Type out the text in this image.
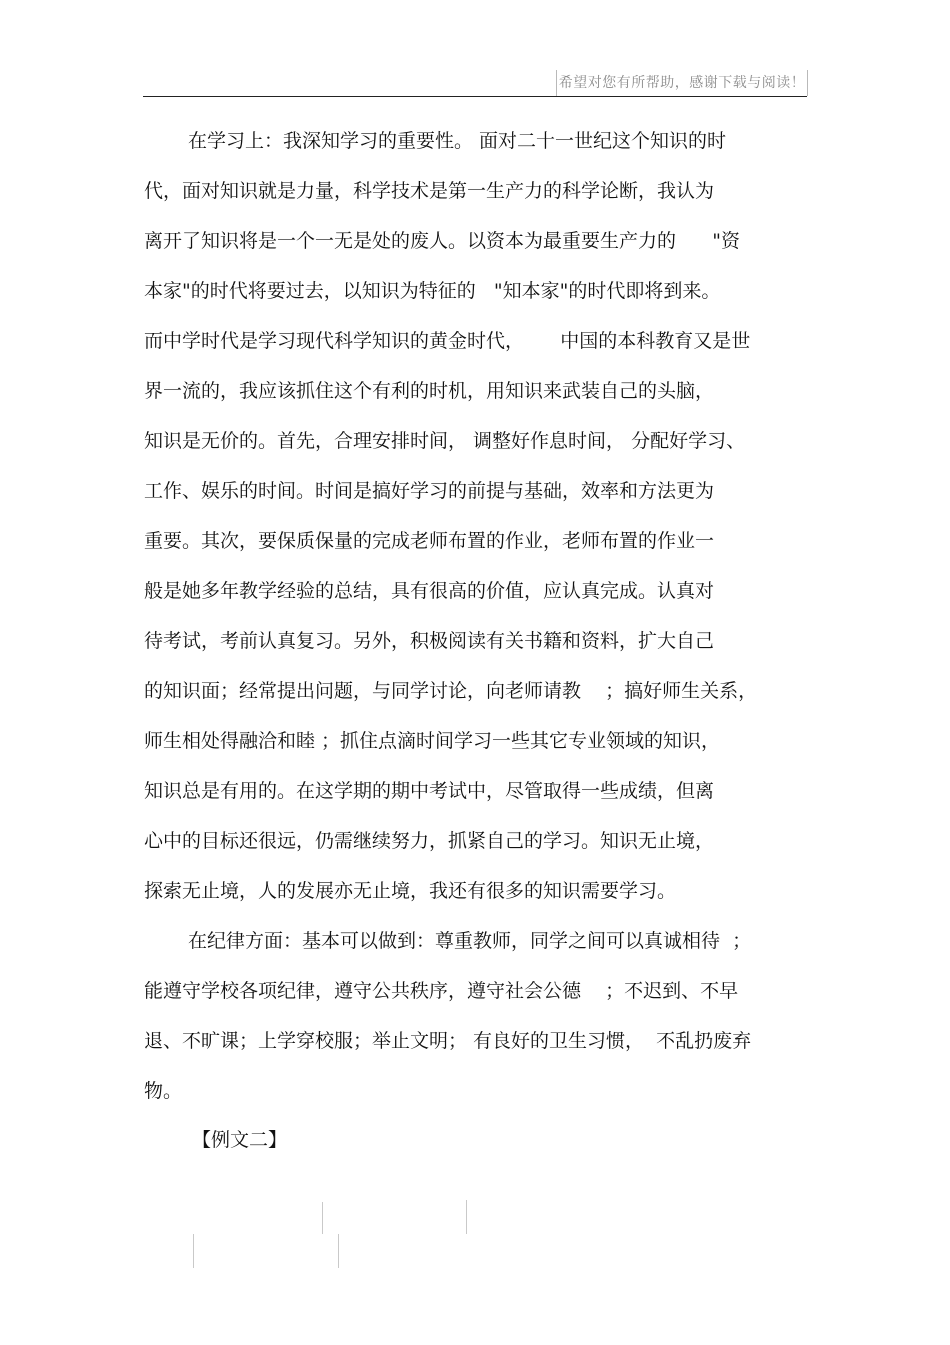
希望对您有所帮助，感谢下载与阅读！
在学习上：我深知学习的重要性。 面对二十一世纪这个知识的时
代，面对知识就是力量，科学技术是第一生产力的科学论断，我认为
离开了知识将是一个一无是处的废人。以资本为最重要生产力的      "资
本家"的时代将要过去，以知识为特征的   "知本家"的时代即将到来。
而中学时代是学习现代科学知识的黄金时代，      中国的本科教育又是世
界一流的，我应该抓住这个有利的时机，用知识来武装自己的头脑，
知识是无价的。首先，合理安排时间， 调整好作息时间， 分配好学习、
工作、娱乐的时间。时间是搞好学习的前提与基础，效率和方法更为
重要。其次，要保质保量的完成老师布置的作业，老师布置的作业一
般是她多年教学经验的总结，具有很高的价值，应认真完成。认真对
待考试，考前认真复习。另外，积极阅读有关书籍和资料，扩大自己
的知识面；经常提出问题，与同学讨论，向老师请教    ；搞好师生关系，
师生相处得融洽和睦 ；抓住点滴时间学习一些其它专业领域的知识，
知识总是有用的。在这学期的期中考试中，尽管取得一些成绩，但离
心中的目标还很远，仍需继续努力，抓紧自己的学习。知识无止境，
探索无止境，人的发展亦无止境，我还有很多的知识需要学习。
在纪律方面：基本可以做到：尊重教师，同学之间可以真诚相待  ；
能遵守学校各项纪律，遵守公共秩序，遵守社会公德    ；不迟到、不早
退、不旷课；上学穿校服；举止文明； 有良好的卫生习惯，  不乱扔废弃
物。
【例文二】
